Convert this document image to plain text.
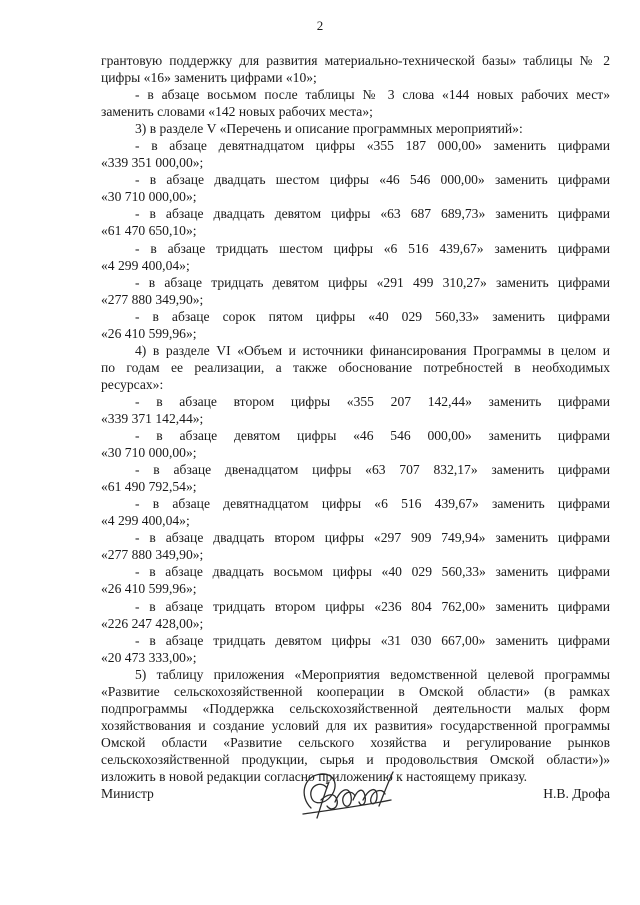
2

грантовую поддержку для развития материально-технической базы» таблицы № 2

цифры «16» заменить цифрами «10»;

- в абзаце восьмом после таблицы № 3 слова «144 новых рабочих мест»

заменить словами «142 новых рабочих места»;

3) в разделе V «Перечень и описание программных мероприятий»:

- в абзаце девятнадцатом цифры «355 187 000,00» заменить цифрами

«339 351 000,00»;

- в абзаце двадцать шестом цифры «46 546 000,00» заменить цифрами

«30 710 000,00»;

- в абзаце двадцать девятом цифры «63 687 689,73» заменить цифрами

«61 470 650,10»;

- в абзаце тридцать шестом цифры «6 516 439,67» заменить цифрами

«4 299 400,04»;

- в абзаце тридцать девятом цифры «291 499 310,27» заменить цифрами

«277 880 349,90»;

- в абзаце сорок пятом цифры «40 029 560,33» заменить цифрами

«26 410 599,96»;

4) в разделе VI «Объем и источники финансирования Программы в целом и

по годам ее реализации, а также обоснование потребностей в необходимых

ресурсах»:

- в абзаце втором цифры «355 207 142,44» заменить цифрами

«339 371 142,44»;

- в абзаце девятом цифры «46 546 000,00» заменить цифрами

«30 710 000,00»;

- в абзаце двенадцатом цифры «63 707 832,17» заменить цифрами

«61 490 792,54»;

- в абзаце девятнадцатом цифры «6 516 439,67» заменить цифрами

«4 299 400,04»;

- в абзаце двадцать втором цифры «297 909 749,94» заменить цифрами

«277 880 349,90»;

- в абзаце двадцать восьмом цифры «40 029 560,33» заменить цифрами

«26 410 599,96»;

- в абзаце тридцать втором цифры «236 804 762,00» заменить цифрами

«226 247 428,00»;

- в абзаце тридцать девятом цифры «31 030 667,00» заменить цифрами

«20 473 333,00»;

5) таблицу приложения «Мероприятия ведомственной целевой программы

«Развитие сельскохозяйственной кооперации в Омской области» (в рамках

подпрограммы «Поддержка сельскохозяйственной деятельности малых форм

хозяйствования и создание условий для их развития» государственной программы

Омской области «Развитие сельского хозяйства и регулирование рынков

сельскохозяйственной продукции, сырья и продовольствия Омской области»)»

изложить в новой редакции согласно приложению к настоящему приказу.

Министр	Н.В. Дрофа
